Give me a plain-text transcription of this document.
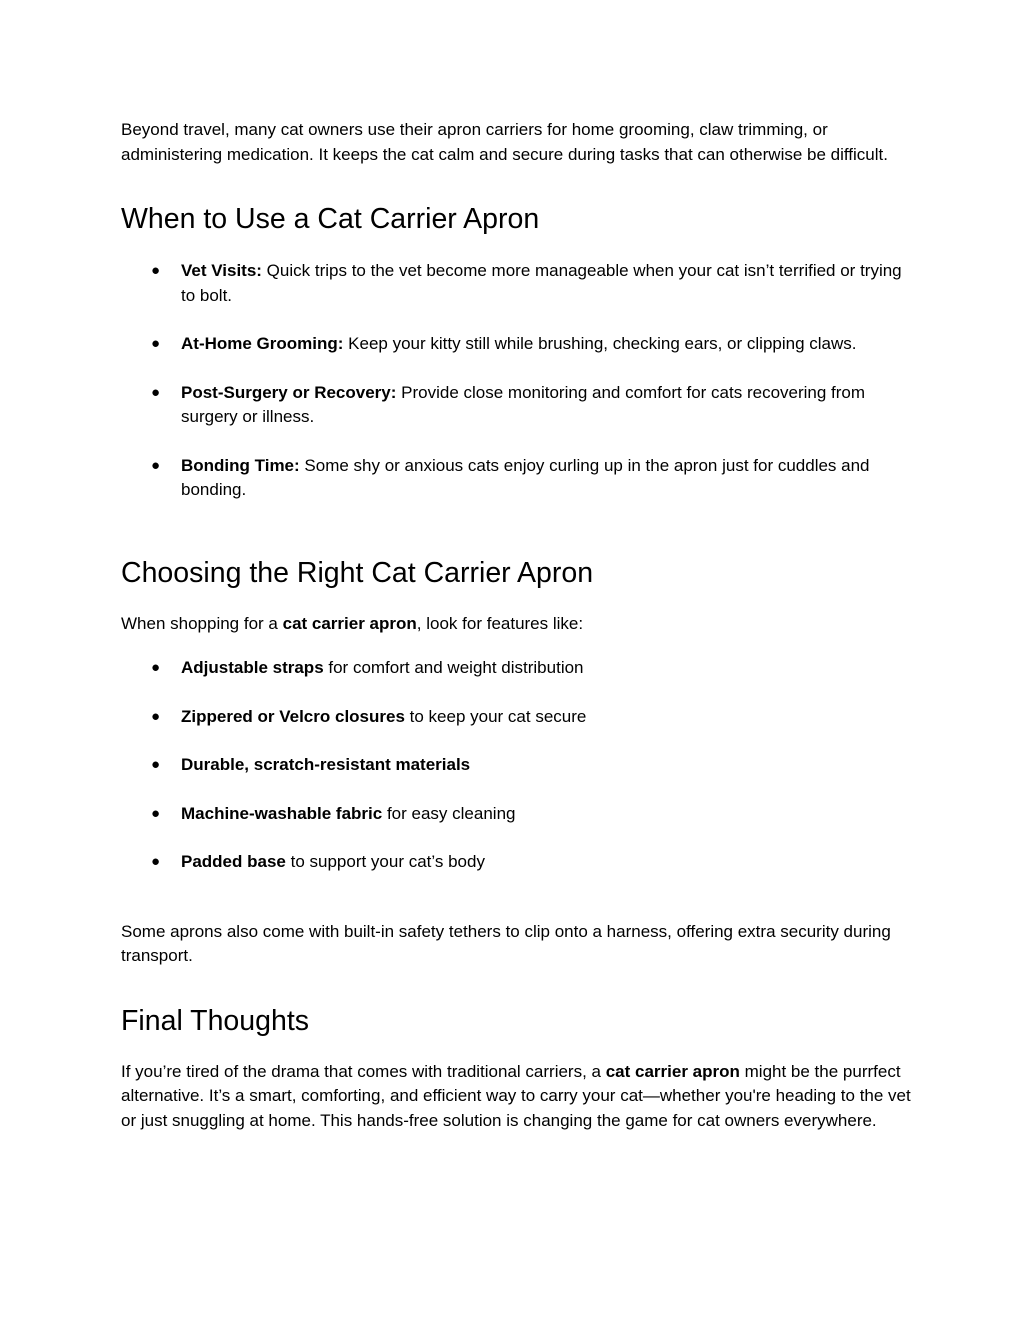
Beyond travel, many cat owners use their apron carriers for home grooming, claw trimming, or administering medication. It keeps the cat calm and secure during tasks that can otherwise be difficult.

When to Use a Cat Carrier Apron
● Vet Visits: Quick trips to the vet become more manageable when your cat isn’t terrified or trying to bolt.
● At-Home Grooming: Keep your kitty still while brushing, checking ears, or clipping claws.
● Post-Surgery or Recovery: Provide close monitoring and comfort for cats recovering from surgery or illness.
● Bonding Time: Some shy or anxious cats enjoy curling up in the apron just for cuddles and bonding.
Choosing the Right Cat Carrier Apron

When shopping for a cat carrier apron, look for features like:

● Adjustable straps for comfort and weight distribution
● Zippered or Velcro closures to keep your cat secure
● Durable, scratch-resistant materials
● Machine-washable fabric for easy cleaning
● Padded base to support your cat’s body

Some aprons also come with built-in safety tethers to clip onto a harness, offering extra security during transport.

Final Thoughts

If you’re tired of the drama that comes with traditional carriers, a cat carrier apron might be the purrfect alternative. It’s a smart, comforting, and efficient way to carry your cat—whether you're heading to the vet or just snuggling at home. This hands-free solution is changing the game for cat owners everywhere.
